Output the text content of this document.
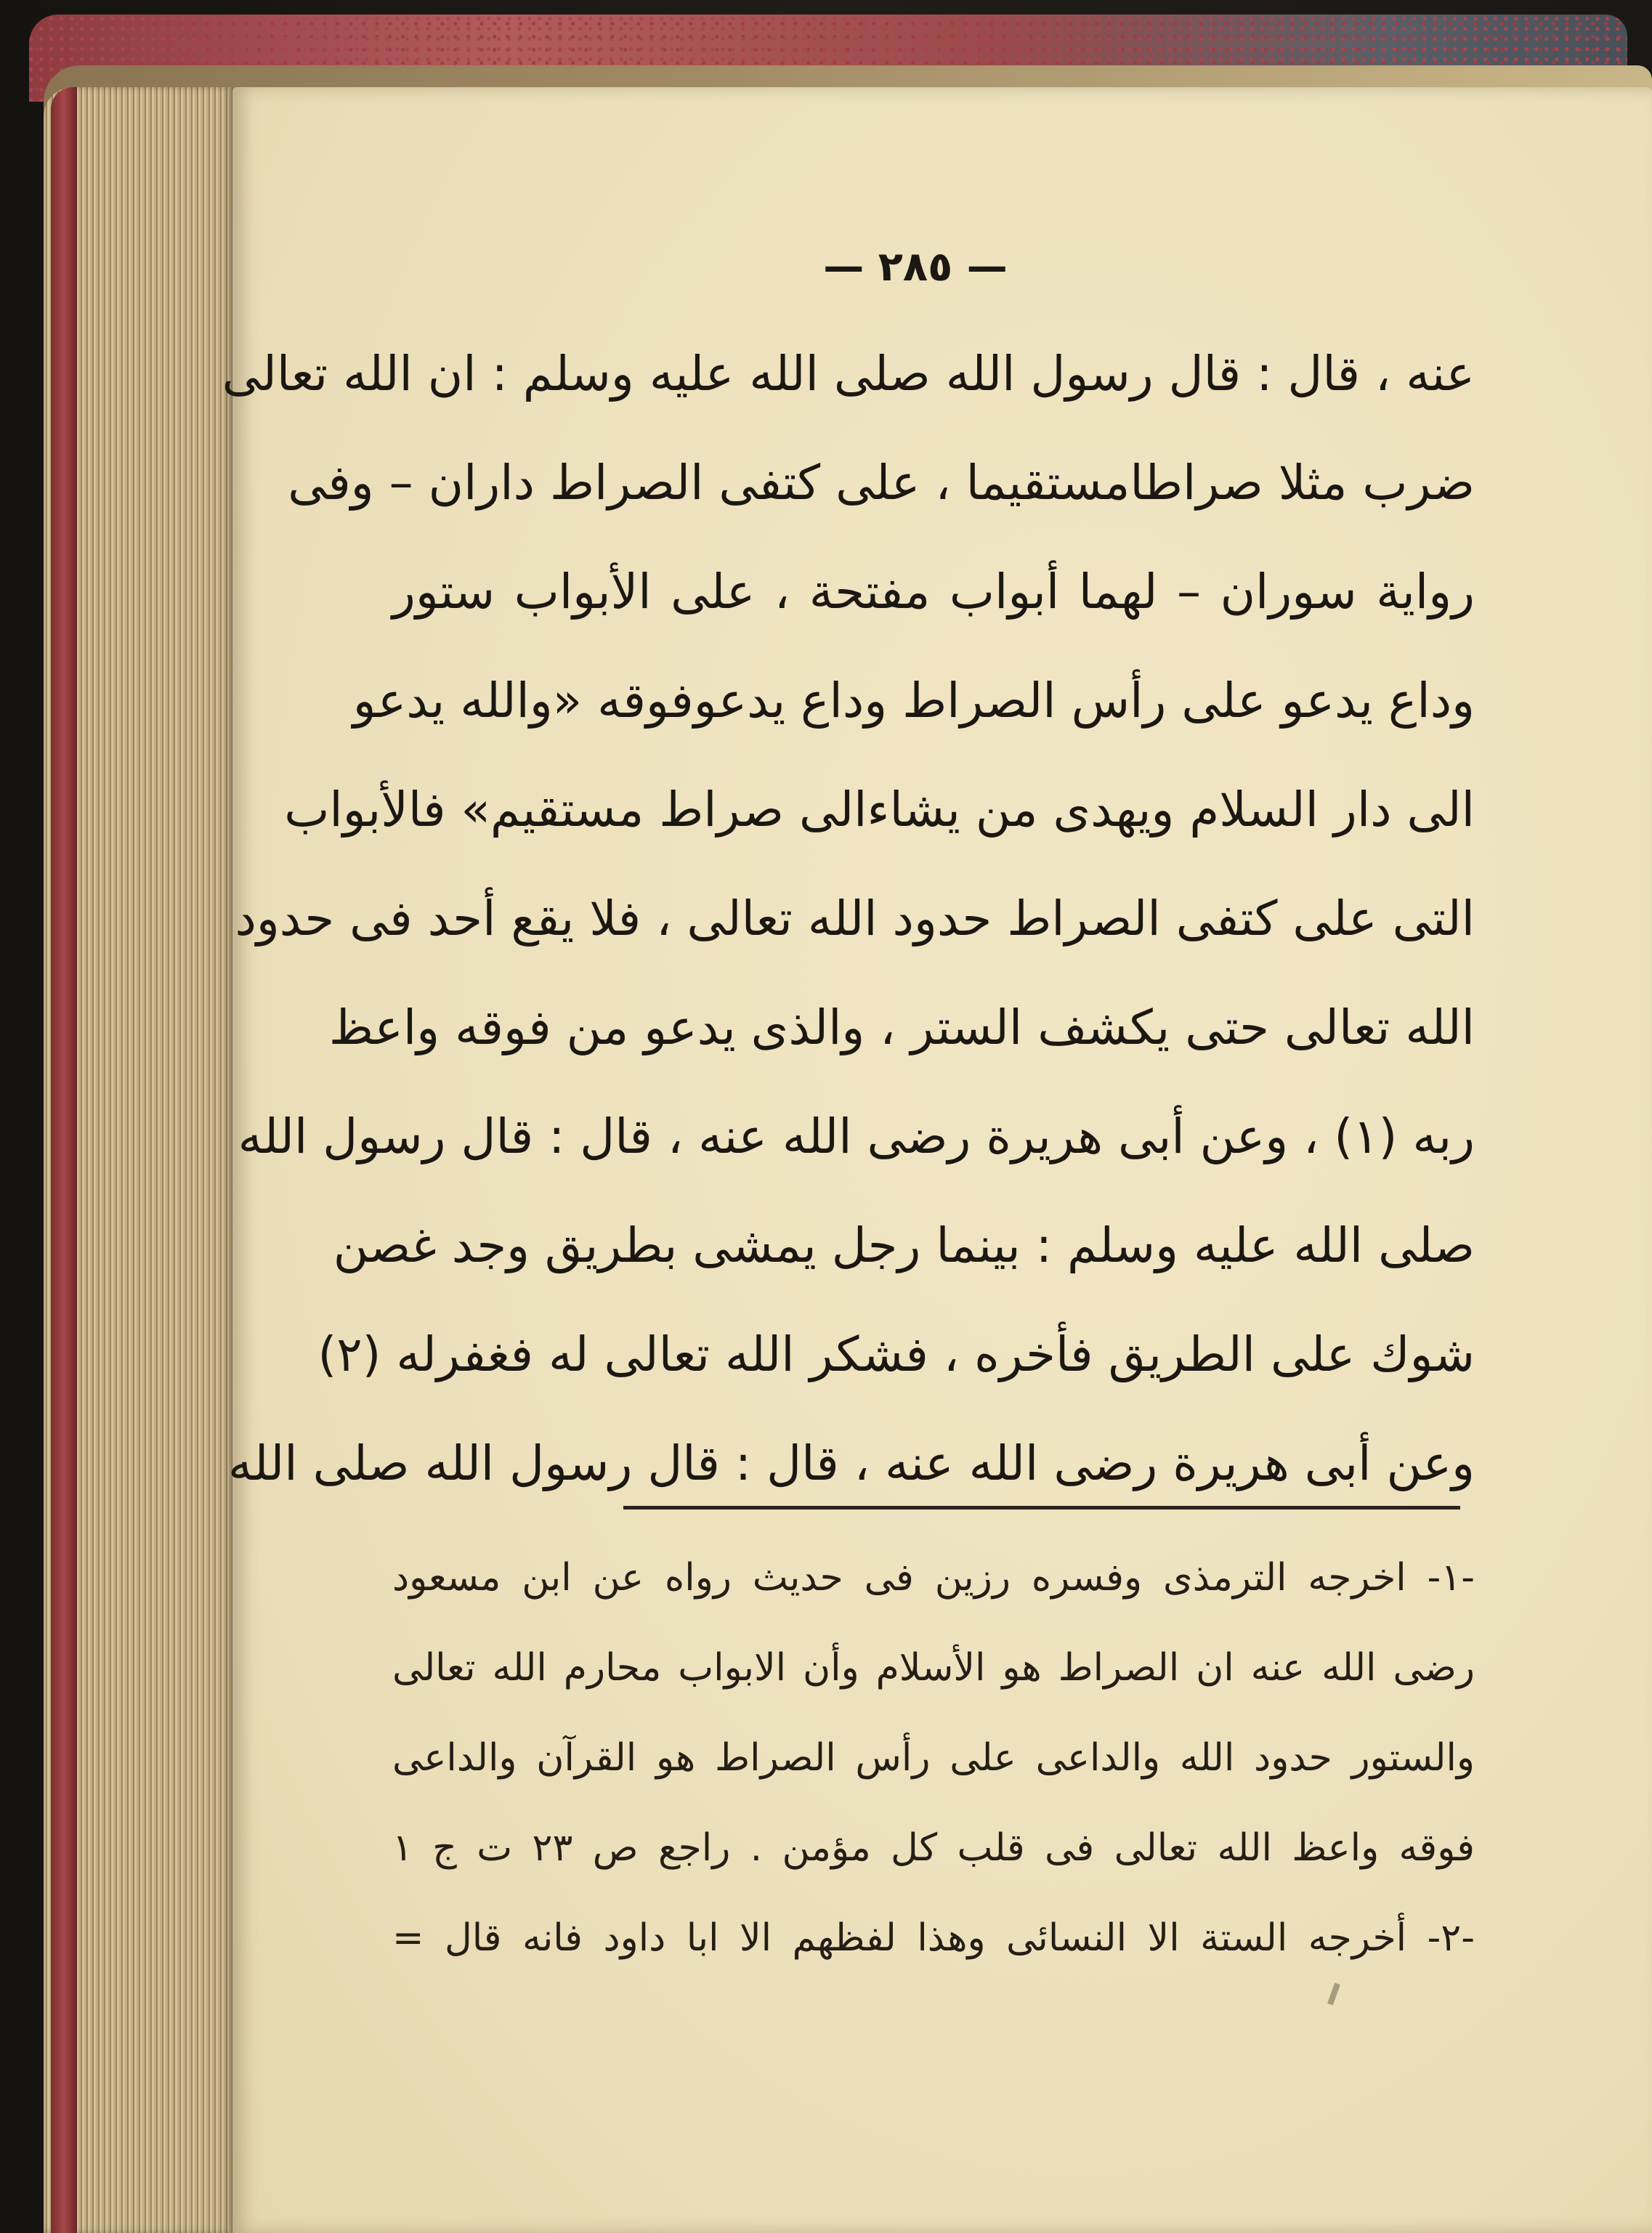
— ٢٨٥ —
عنه ، قال : قال رسول الله صلى الله عليه وسلم : ان الله تعالى
ضرب مثلا صراطامستقيما ، على كتفى الصراط داران – وفى
رواية سوران – لهما أبواب مفتحة ، على الأبواب ستور
وداع يدعو على رأس الصراط وداع يدعوفوقه «والله يدعو
الى دار السلام ويهدى من يشاءالى صراط مستقيم» فالأبواب
التى على كتفى الصراط حدود الله تعالى ، فلا يقع أحد فى حدود
الله تعالى حتى يكشف الستر ، والذى يدعو من فوقه واعظ
ربه (١) ، وعن أبى هريرة رضى الله عنه ، قال : قال رسول الله
صلى الله عليه وسلم : بينما رجل يمشى بطريق وجد غصن
شوك على الطريق فأخره ، فشكر الله تعالى له فغفرله (٢)
وعن أبى هريرة رضى الله عنه ، قال : قال رسول الله صلى الله
-١- اخرجه الترمذى وفسره رزين فى حديث رواه عن ابن مسعود
رضى الله عنه ان الصراط هو الأسلام وأن الابواب محارم الله تعالى
والستور حدود الله والداعى على رأس الصراط هو القرآن والداعى
فوقه واعظ الله تعالى فى قلب كل مؤمن . راجع ص ٢٣ ت ج ١
-٢- أخرجه الستة الا النسائى وهذا لفظهم الا ابا داود فانه قال =
